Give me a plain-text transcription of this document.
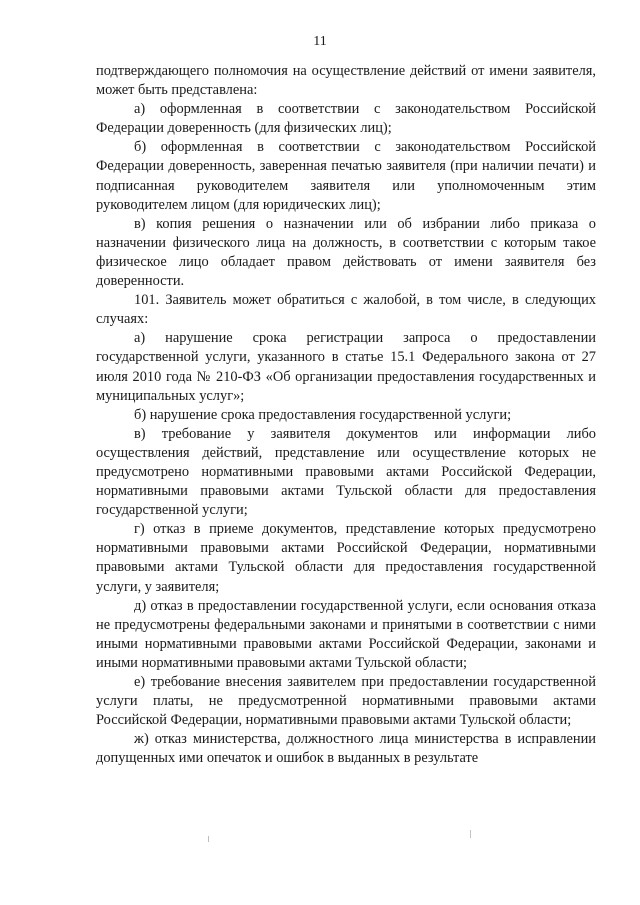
11

подтверждающего полномочия на осуществление действий от имени заявителя, может быть представлена:

а) оформленная в соответствии с законодательством Российской Федерации доверенность (для физических лиц);

б) оформленная в соответствии с законодательством Российской Федерации доверенность, заверенная печатью заявителя (при наличии печати) и подписанная руководителем заявителя или уполномоченным этим руководителем лицом (для юридических лиц);

в) копия решения о назначении или об избрании либо приказа о назначении физического лица на должность, в соответствии с которым такое физическое лицо обладает правом действовать от имени заявителя без доверенности.

101. Заявитель может обратиться с жалобой, в том числе, в следующих случаях:

а) нарушение срока регистрации запроса о предоставлении государственной услуги, указанного в статье 15.1 Федерального закона от 27 июля 2010 года № 210-ФЗ «Об организации предоставления государственных и муниципальных услуг»;

б) нарушение срока предоставления государственной услуги;

в) требование у заявителя документов или информации либо осуществления действий, представление или осуществление которых не предусмотрено нормативными правовыми актами Российской Федерации, нормативными правовыми актами Тульской области для предоставления государственной услуги;

г) отказ в приеме документов, представление которых предусмотрено нормативными правовыми актами Российской Федерации, нормативными правовыми актами Тульской области для предоставления государственной услуги, у заявителя;

д) отказ в предоставлении государственной услуги, если основания отказа не предусмотрены федеральными законами и принятыми в соответствии с ними иными нормативными правовыми актами Российской Федерации, законами и иными нормативными правовыми актами Тульской области;

е) требование внесения заявителем при предоставлении государственной услуги платы, не предусмотренной нормативными правовыми актами Российской Федерации, нормативными правовыми актами Тульской области;

ж) отказ министерства, должностного лица министерства в исправлении допущенных ими опечаток и ошибок в выданных в результате
